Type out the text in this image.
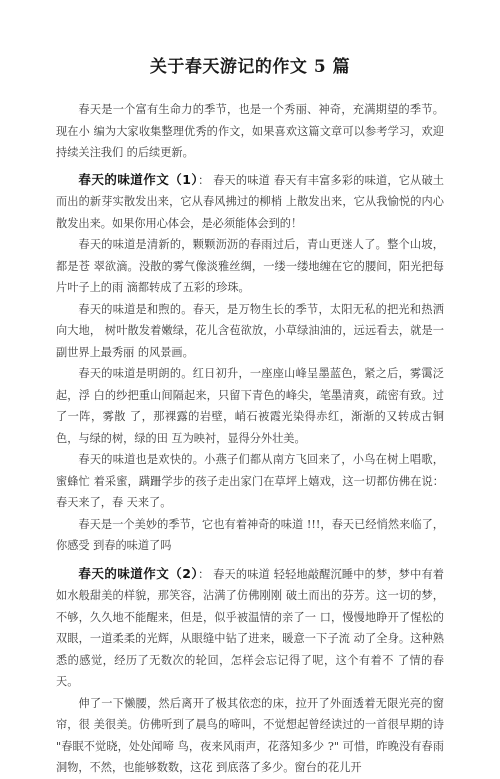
关于春天游记的作文 5 篇

春天是一个富有生命力的季节，也是一个秀丽、神奇，充满期望的季节。现在小 编为大家收集整理优秀的作文，如果喜欢这篇文章可以参考学习，欢迎持续关注我们 的后续更新。

春天的味道作文（1）： 春天的味道 春天有丰富多彩的味道，它从破土而出的新芽实散发出来，它从春风拂过的柳梢 上散发出来，它从我愉悦的内心散发出来。如果你用心体会，是必须能体会到的！

春天的味道是清新的，颗颗沥沥的春雨过后，青山更迷人了。整个山坡，都是苍 翠欲滴。没散的雾气像淡雅丝绸，一缕一缕地缠在它的腰间，阳光把每片叶子上的雨 滴都转成了五彩的珍珠。

春天的味道是和煦的。春天，是万物生长的季节，太阳无私的把光和热洒向大地， 树叶散发着嫩绿，花儿含苞欲放，小草绿油油的，远远看去，就是一副世界上最秀丽 的风景画。

春天的味道是明朗的。红日初升，一座座山峰呈墨蓝色，紧之后，雾霭泛起，浮 白的纱把重山间隔起来，只留下青色的峰尖，笔墨清爽，疏密有致。过了一阵，雾散 了，那裸露的岩壁，峭石被霞光染得赤红，渐渐的又转成古铜色，与绿的树，绿的田 互为映衬，显得分外壮美。

春天的味道也是欢快的。小燕子们都从南方飞回来了，小鸟在树上唱歌，蜜蜂忙 着采蜜，蹒跚学步的孩子走出家门在草坪上嬉戏，这一切都仿佛在说：春天来了，春 天来了。

春天是一个美妙的季节，它也有着神奇的味道 !!!，春天已经悄然来临了，你感受 到春的味道了吗

春天的味道作文（2）： 春天的味道 轻轻地敲醒沉睡中的梦，梦中有着如水般甜美的样貌，那笑容，沾满了仿佛刚刚 破土而出的芬芳。这一切的梦，不够，久久地不能醒来，但是，似乎被温情的亲了一 口，慢慢地睁开了惺松的双眼，一道柔柔的光辉，从眼缝中钻了进来，暖意一下子流 动了全身。这种熟悉的感觉，经历了无数次的轮回，怎样会忘记得了呢，这个有着不 了情的春天。

伸了一下懒腰，然后离开了极其依恋的床，拉开了外面透着无限光亮的窗帘，很 美很美。仿佛听到了晨鸟的啼叫，不觉想起曾经读过的一首很早期的诗 "春眠不觉晓，处处闻啼 鸟，夜来风雨声，花落知多少 ?" 可惜，昨晚没有春雨洞物，不然，也能够数数，这花 到底落了多少。窗台的花儿开
